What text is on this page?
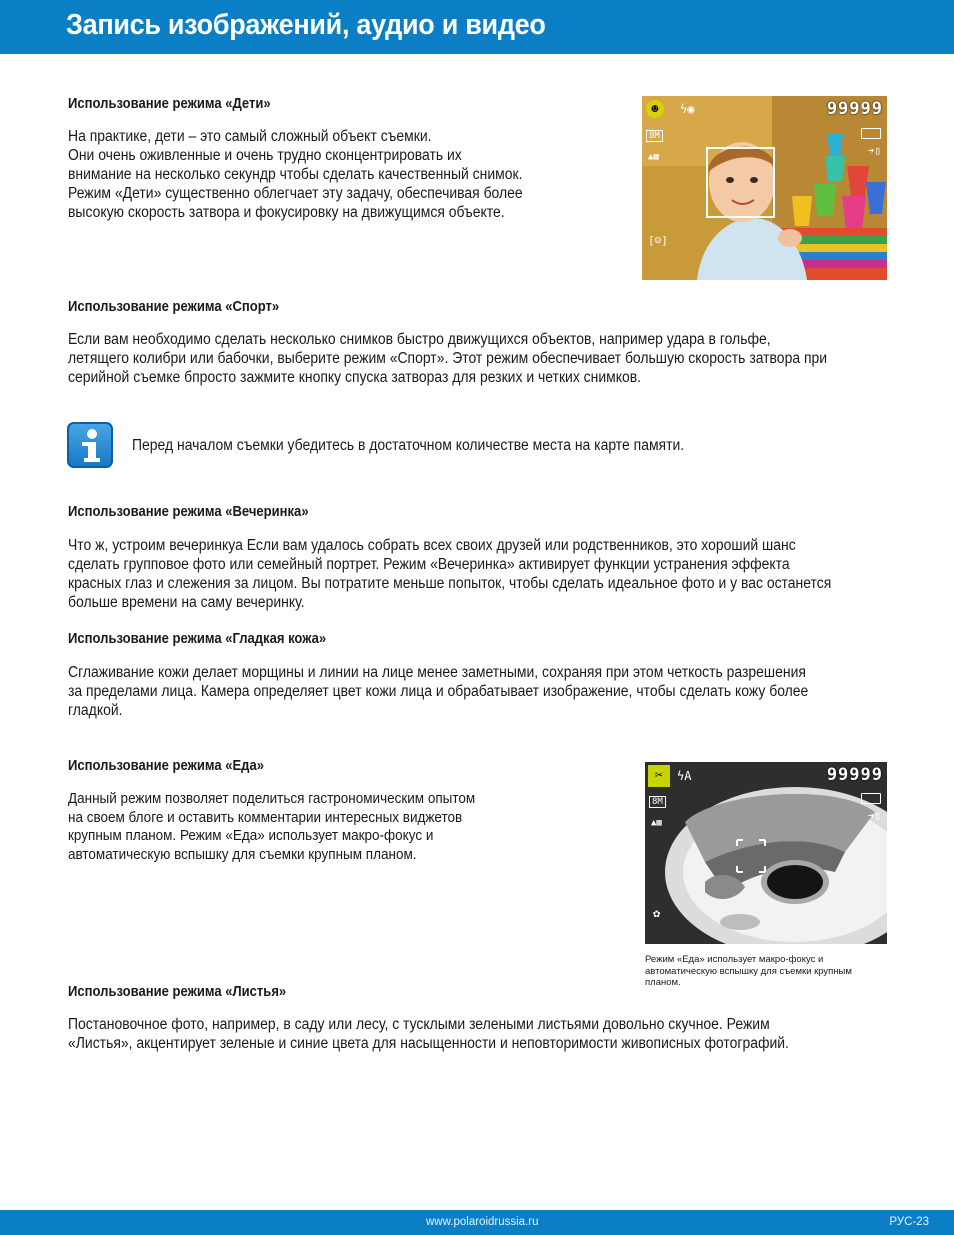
Запись изображений, аудио и видео
Использование режима «Дети»
На практике, дети – это самый сложный объект съемки.
Они очень оживленные и очень трудно сконцентрировать их
внимание на несколько секундр чтобы сделать качественный снимок.
Режим «Дети» существенно облегчает эту задачу, обеспечивая более
высокую скорость затвора и фокусировку на движущимся объекте.
☻	ϟ◉	99999
8M
▲▦	➔▯
[☺]
Использование режима «Спорт»
Если вам необходимо сделать несколько снимков быстро движущихся объектов, например удара в гольфе,
летящего колибри или бабочки, выберите режим «Спорт». Этот режим обеспечивает большую скорость затвора при
серийной съемке бпросто зажмите кнопку спуска затвораз для резких и четких снимков.
Перед началом съемки убедитесь в достаточном количестве места на карте памяти.
Использование режима «Вечеринка»
Что ж, устроим вечеринкуа Если вам удалось собрать всех своих друзей или родственников, это хороший шанс
сделать групповое фото или семейный портрет. Режим «Вечеринка» активирует функции устранения эффекта
красных глаз и слежения за лицом. Вы потратите меньше попыток, чтобы сделать идеальное фото и у вас останется
больше времени на саму вечеринку.
Использование режима «Гладкая кожа»
Сглаживание кожи делает морщины и линии на лице менее заметными, сохраняя при этом четкость разрешения
за пределами лица. Камера определяет цвет кожи лица и обрабатывает изображение, чтобы сделать кожу более
гладкой.
Использование режима «Еда»
Данный режим позволяет поделиться гастрономическим опытом
на своем блоге и оставить комментарии интересных виджетов
крупным планом. Режим «Еда» использует макро-фокус и
автоматическую вспышку для съемки крупным планом.
✂	ϟA	99999
8M
▲▦
➔▯
✿
Режим «Еда» использует макро-фокус и
автоматическую вспышку для съемки крупным
планом.
Использование режима «Листья»
Постановочное фото, например, в саду или лесу, с тусклыми зелеными листьями довольно скучное. Режим
«Листья», акцентирует зеленые и синие цвета для насыщенности и неповторимости живописных фотографий.
www.polaroidrussia.ru	РУС-23
